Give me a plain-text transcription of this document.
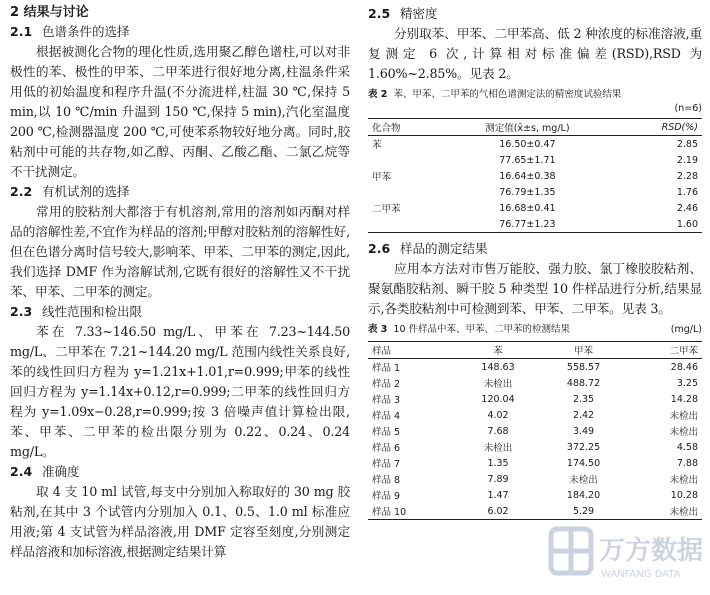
2 结果与讨论
2.1 色谱条件的选择

根据被测化合物的理化性质,选用聚乙醇色谱柱,可以对非极性的苯、极性的甲苯、二甲苯进行很好地分离,柱温条件采用低的初始温度和程序升温(不分流进样,柱温 30 ℃,保持 5 min,以 10 ℃/min 升温到 150 ℃,保持 5 min),汽化室温度 200 ℃,检测器温度 200 ℃,可使苯系物较好地分离。同时,胶粘剂中可能的共存物,如乙醇、丙酮、乙酸乙酯、二氯乙烷等不干扰测定。

2.2 有机试剂的选择

常用的胶粘剂大都溶于有机溶剂,常用的溶剂如丙酮对样品的溶解性差,不宜作为样品的溶剂;甲醇对胶粘剂的溶解性好,但在色谱分离时信号较大,影响苯、甲苯、二甲苯的测定,因此,我们选择 DMF 作为溶解试剂,它既有很好的溶解性又不干扰苯、甲苯、二甲苯的测定。

2.3 线性范围和检出限

苯在 7.33~146.50 mg/L、甲苯在 7.23~144.50 mg/L、二甲苯在 7.21~144.20 mg/L 范围内线性关系良好,苯的线性回归方程为 y=1.21x+1.01,r=0.999;甲苯的线性回归方程为 y=1.14x+0.12,r=0.999;二甲苯的线性回归方程为 y=1.09x−0.28,r=0.999;按 3 倍噪声值计算检出限,苯、甲苯、二甲苯的检出限分别为 0.22、0.24、0.24 mg/L。

2.4 准确度

取 4 支 10 ml 试管,每支中分别加入称取好的 30 mg 胶粘剂,在其中 3 个试管内分别加入 0.1、0.5、1.0 ml 标准应用液;第 4 支试管为样品溶液,用 DMF 定容至刻度,分别测定样品溶液和加标溶液,根据测定结果计算

2.5 精密度

分别取苯、甲苯、二甲苯高、低 2 种浓度的标准溶液,重复测定 6 次,计算相对标准偏差(RSD),RSD 为 1.60%~2.85%。见表 2。

表 2 苯、甲苯、二甲苯的气相色谱测定法的精密度试验结果
(n=6)
化合物	测定值(x̄±s, mg/L)	RSD(%)
苯	16.50±0.47	2.85
	77.65±1.71	2.19
甲苯	16.64±0.38	2.28
	76.79±1.35	1.76
二甲苯	16.68±0.41	2.46
	76.77±1.23	1.60
2.6 样品的测定结果

应用本方法对市售万能胶、强力胶、氯丁橡胶胶粘剂、聚氨酯胶粘剂、瞬干胶 5 种类型 10 件样品进行分析,结果显示,各类胶粘剂中可检测到苯、甲苯、二甲苯。见表 3。

(mg/L)
表 3 10 件样品中苯、甲苯、二甲苯的检测结果
样品	苯	甲苯	二甲苯
样品 1	148.63	558.57	28.46
样品 2	未检出	488.72	3.25
样品 3	120.04	2.35	14.28
样品 4	4.02	2.42	未检出
样品 5	7.68	3.49	未检出
样品 6	未检出	372.25	4.58
样品 7	1.35	174.50	7.88
样品 8	7.89	未检出	未检出
样品 9	1.47	184.20	10.28
样品 10	6.02	5.29	未检出
万方数据
WANFANG DATA
